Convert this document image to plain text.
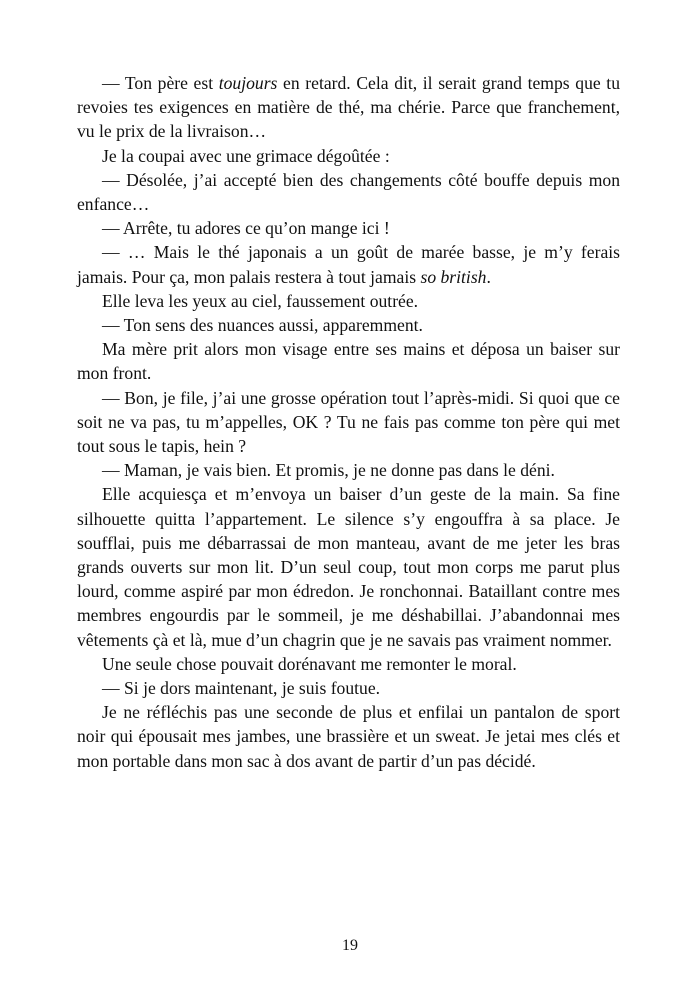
— Ton père est toujours en retard. Cela dit, il serait grand temps que tu revoies tes exigences en matière de thé, ma chérie. Parce que franchement, vu le prix de la livraison…

Je la coupai avec une grimace dégoûtée :

— Désolée, j’ai accepté bien des changements côté bouffe depuis mon enfance…

— Arrête, tu adores ce qu’on mange ici !

— … Mais le thé japonais a un goût de marée basse, je m’y ferais jamais. Pour ça, mon palais restera à tout jamais so british.

Elle leva les yeux au ciel, faussement outrée.

— Ton sens des nuances aussi, apparemment.

Ma mère prit alors mon visage entre ses mains et déposa un baiser sur mon front.

— Bon, je file, j’ai une grosse opération tout l’après-midi. Si quoi que ce soit ne va pas, tu m’appelles, OK ? Tu ne fais pas comme ton père qui met tout sous le tapis, hein ?

— Maman, je vais bien. Et promis, je ne donne pas dans le déni.

Elle acquiesça et m’envoya un baiser d’un geste de la main. Sa fine silhouette quitta l’appartement. Le silence s’y engouffra à sa place. Je soufflai, puis me débarrassai de mon manteau, avant de me jeter les bras grands ouverts sur mon lit. D’un seul coup, tout mon corps me parut plus lourd, comme aspiré par mon édredon. Je ronchonnai. Bataillant contre mes membres engourdis par le sommeil, je me déshabillai. J’abandonnai mes vêtements çà et là, mue d’un chagrin que je ne savais pas vraiment nommer.

Une seule chose pouvait dorénavant me remonter le moral.

— Si je dors maintenant, je suis foutue.

Je ne réfléchis pas une seconde de plus et enfilai un pantalon de sport noir qui épousait mes jambes, une brassière et un sweat. Je jetai mes clés et mon portable dans mon sac à dos avant de partir d’un pas décidé.

19
